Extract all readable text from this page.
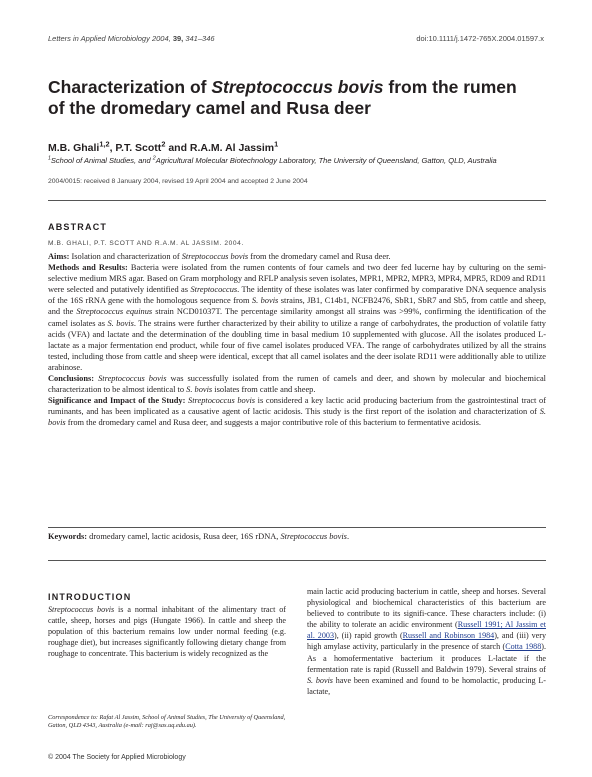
Letters in Applied Microbiology 2004, 39, 341–346	doi:10.1111/j.1472-765X.2004.01597.x
Characterization of Streptococcus bovis from the rumen of the dromedary camel and Rusa deer
M.B. Ghali$^{1,2}$, P.T. Scott$^2$ and R.A.M. Al Jassim$^1$
$^1$School of Animal Studies, and $^2$Agricultural Molecular Biotechnology Laboratory, The University of Queensland, Gatton, QLD, Australia
2004/0015: received 8 January 2004, revised 19 April 2004 and accepted 2 June 2004
ABSTRACT
M.B. GHALI, P.T. SCOTT AND R.A.M. AL JASSIM. 2004.

Aims: Isolation and characterization of Streptococcus bovis from the dromedary camel and Rusa deer.

Methods and Results: Bacteria were isolated from the rumen contents of four camels and two deer fed lucerne hay by culturing on the semi-selective medium MRS agar. Based on Gram morphology and RFLP analysis seven isolates, MPR1, MPR2, MPR3, MPR4, MPR5, RD09 and RD11 were selected and putatively identified as Streptococcus. The identity of these isolates was later confirmed by comparative DNA sequence analysis of the 16S rRNA gene with the homologous sequence from S. bovis strains, JB1, C14b1, NCFB2476, SbR1, SbR7 and Sb5, from cattle and sheep, and the Streptococcus equinus strain NCD01037T. The percentage similarity amongst all strains was >99%, confirming the identification of the camel isolates as S. bovis. The strains were further characterized by their ability to utilize a range of carbohydrates, the production of volatile fatty acids (VFA) and lactate and the determination of the doubling time in basal medium 10 supplemented with glucose. All the isolates produced L-lactate as a major fermentation end product, while four of five camel isolates produced VFA. The range of carbohydrates utilized by all the strains tested, including those from cattle and sheep were identical, except that all camel isolates and the deer isolate RD11 were additionally able to utilize arabinose.

Conclusions: Streptococcus bovis was successfully isolated from the rumen of camels and deer, and shown by molecular and biochemical characterization to be almost identical to S. bovis isolates from cattle and sheep.

Significance and Impact of the Study: Streptococcus bovis is considered a key lactic acid producing bacterium from the gastrointestinal tract of ruminants, and has been implicated as a causative agent of lactic acidosis. This study is the first report of the isolation and characterization of S. bovis from the dromedary camel and Rusa deer, and suggests a major contributive role of this bacterium to fermentative acidosis.

Keywords: dromedary camel, lactic acidosis, Rusa deer, 16S rDNA, Streptococcus bovis.
INTRODUCTION

Streptococcus bovis is a normal inhabitant of the alimentary tract of cattle, sheep, horses and pigs (Hungate 1966). In cattle and sheep the population of this bacterium remains low under normal feeding (e.g. roughage diet), but increases significantly following dietary change from roughage to concentrate. This bacterium is widely recognized as the

main lactic acid producing bacterium in cattle, sheep and horses. Several physiological and biochemical characteristics of this bacterium are believed to contribute to its signifi-cance. These characters include: (i) the ability to tolerate an acidic environment (Russell 1991; Al Jassim et al. 2003), (ii) rapid growth (Russell and Robinson 1984), and (iii) very high amylase activity, particularly in the presence of starch (Cotta 1988). As a homofermentative bacterium it produces L-lactate if the fermentation rate is rapid (Russell and Baldwin 1979). Several strains of S. bovis have been examined and found to be homolactic, producing L-lactate,

Correspondence to: Rafat Al Jassim, School of Animal Studies, The University of Queensland, Gatton, QLD 4343, Australia (e-mail: raj@sas.uq.edu.au).
© 2004 The Society for Applied Microbiology
